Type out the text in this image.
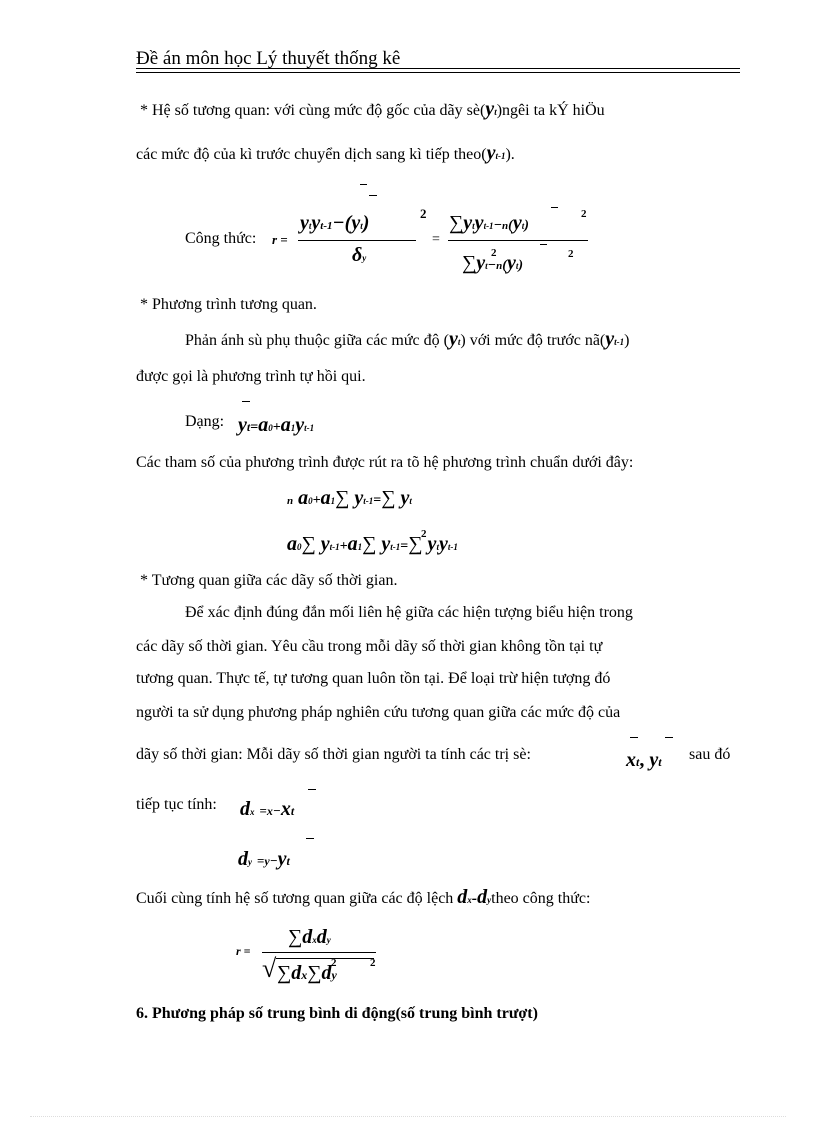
Đề án môn học Lý thuyết thống kê
* Hệ số tương quan: với cùng mức độ gốc của dãy sè(yt)ngêi ta kÝ hiÖu
các mức độ của kì trước chuyển dịch sang kì tiếp theo(yt-1).
Công thức: r =
ytyt-1−(yt)	2
δy
=
∑ytyt-1−n(yt)
2
∑yt−n(yt)
2	2
* Phương trình tương quan.
Phản ánh sù phụ thuộc giữa các mức độ (yt) với mức độ trước nã(yt-1)
được gọi là phương trình tự hồi qui.
Dạng: yt=a0+a1yt-1
Các tham số của phương trình được rút ra tõ hệ phương trình chuẩn dưới đây:
n a0+a1∑ yt-1=∑ yt
a0∑ yt-1+a1∑ yt-1=∑ ytyt-1
2
* Tương quan giữa các dãy số thời gian.
Để xác định đúng đắn mối liên hệ giữa các hiện tượng biểu hiện trong
các dãy số thời gian. Yêu cầu trong mỗi dãy số thời gian không tồn tại tự
tương quan. Thực tế, tự tương quan luôn tồn tại. Để loại trừ hiện tượng đó
người ta sử dụng phương pháp nghiên cứu tương quan giữa các mức độ của
dãy số thời gian: Mỗi dãy số thời gian người ta tính các trị sè:	xt, yt sau đó
tiếp tục tính: dx =x−xt
dy =y−yt
Cuối cùng tính hệ số tương quan giữa các độ lệch dx-dytheo công thức:
r =
∑dxdy
√ ∑dx∑dy
2	2
6. Phương pháp số trung bình di động(số trung bình trượt)
